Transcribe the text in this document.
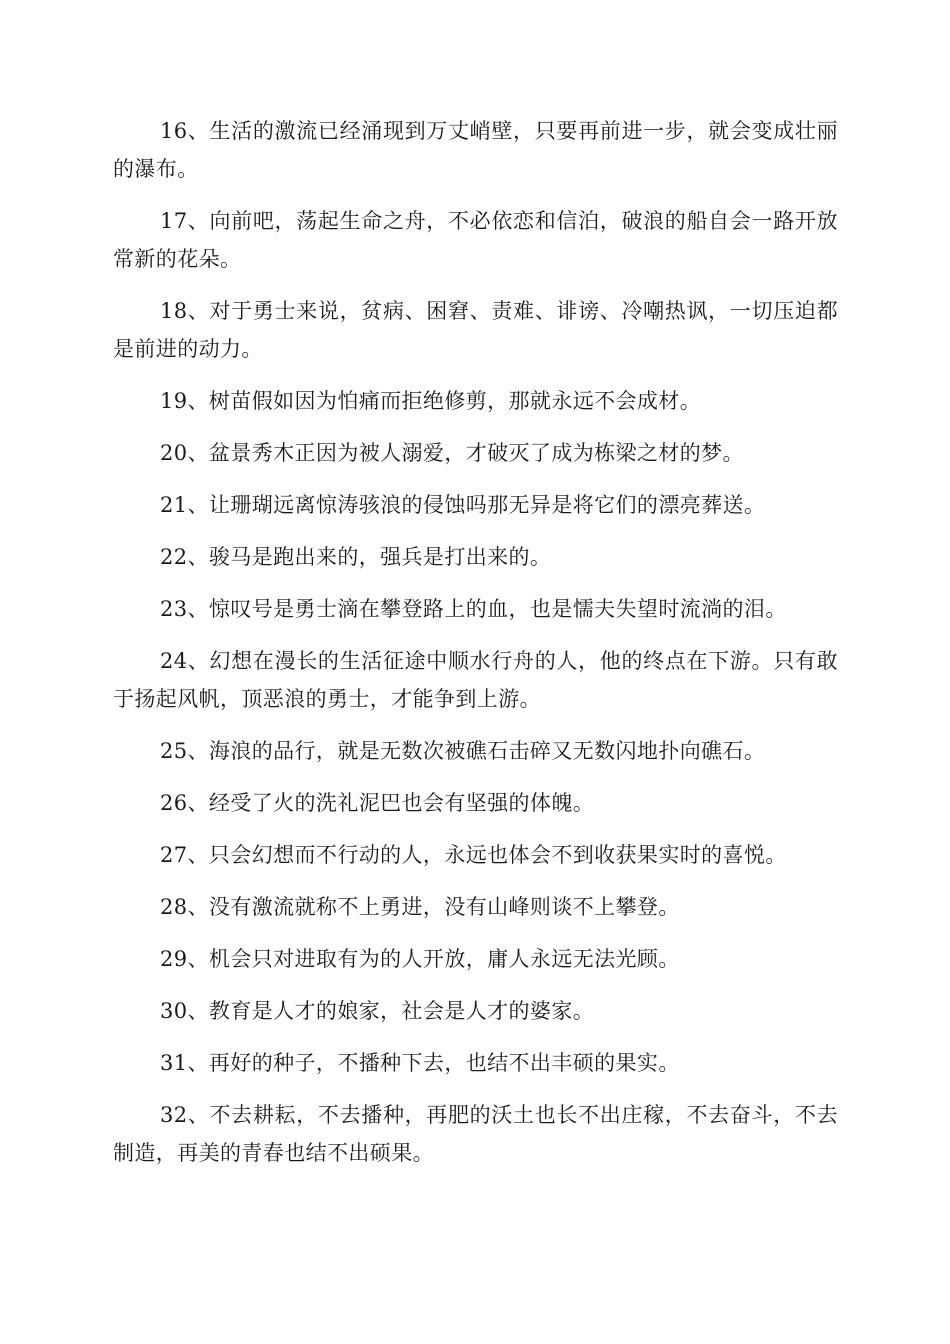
16、生活的激流已经涌现到万丈峭壁，只要再前进一步，就会变成壮丽的瀑布。

17、向前吧，荡起生命之舟，不必依恋和信泊，破浪的船自会一路开放常新的花朵。

18、对于勇士来说，贫病、困窘、责难、诽谤、冷嘲热讽，一切压迫都是前进的动力。

19、树苗假如因为怕痛而拒绝修剪，那就永远不会成材。

20、盆景秀木正因为被人溺爱，才破灭了成为栋梁之材的梦。

21、让珊瑚远离惊涛骇浪的侵蚀吗那无异是将它们的漂亮葬送。

22、骏马是跑出来的，强兵是打出来的。

23、惊叹号是勇士滴在攀登路上的血，也是懦夫失望时流淌的泪。

24、幻想在漫长的生活征途中顺水行舟的人，他的终点在下游。只有敢于扬起风帆，顶恶浪的勇士，才能争到上游。

25、海浪的品行，就是无数次被礁石击碎又无数闪地扑向礁石。

26、经受了火的洗礼泥巴也会有坚强的体魄。

27、只会幻想而不行动的人，永远也体会不到收获果实时的喜悦。

28、没有激流就称不上勇进，没有山峰则谈不上攀登。

29、机会只对进取有为的人开放，庸人永远无法光顾。

30、教育是人才的娘家，社会是人才的婆家。

31、再好的种子，不播种下去，也结不出丰硕的果实。

32、不去耕耘，不去播种，再肥的沃土也长不出庄稼，不去奋斗，不去制造，再美的青春也结不出硕果。
